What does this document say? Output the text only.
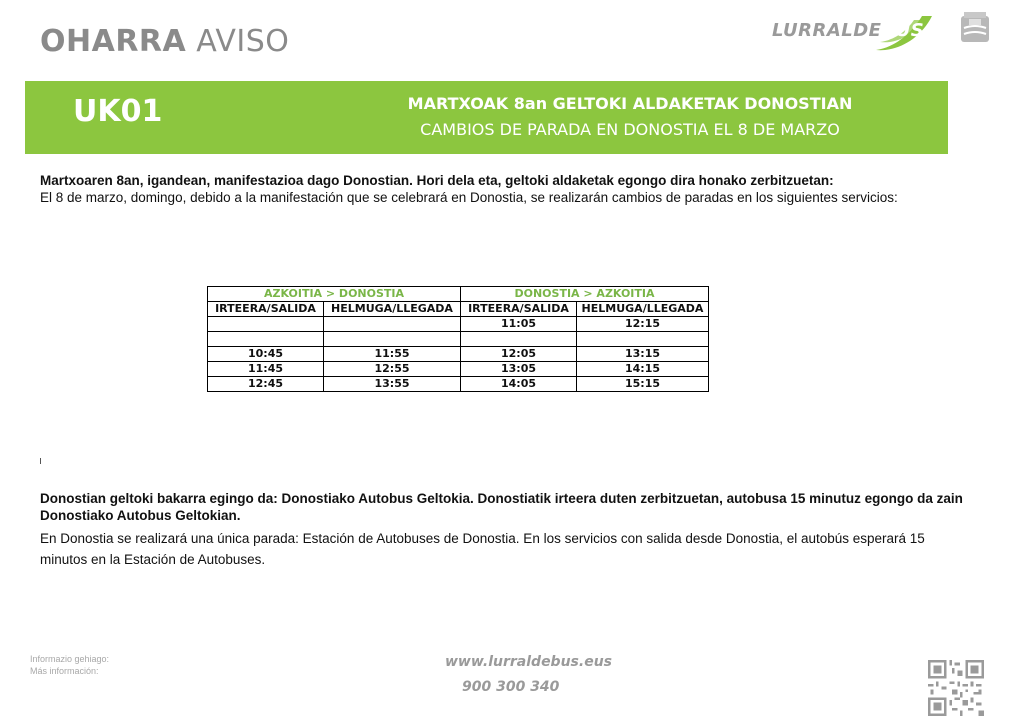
OHARRA AVISO	LURRALDEBUS
UK01	MARTXOAK 8an GELTOKI ALDAKETAK DONOSTIAN
CAMBIOS DE PARADA EN DONOSTIA EL 8 DE MARZO
Martxoaren 8an, igandean, manifestazioa dago Donostian. Hori dela eta, geltoki aldaketak egongo dira honako zerbitzuetan:
El 8 de marzo, domingo, debido a la manifestación que se celebrará en Donostia, se realizarán cambios de paradas en los siguientes servicios:
AZKOITIA > DONOSTIA		DONOSTIA > AZKOITIA	
IRTEERA/SALIDA	HELMUGA/LLEGADA	IRTEERA/SALIDA	HELMUGA/LLEGADA
		11:05	12:15

10:45	11:55	12:05	13:15
11:45	12:55	13:05	14:15
12:45	13:55	14:05	15:15
Donostian geltoki bakarra egingo da: Donostiako Autobus Geltokia. Donostiatik irteera duten zerbitzuetan, autobusa 15 minutuz egongo da zain Donostiako Autobus Geltokian.
En Donostia se realizará una única parada: Estación de Autobuses de Donostia. En los servicios con salida desde Donostia, el autobús esperará 15 minutos en la Estación de Autobuses.
Informazio gehiago:
Más información:
www.lurraldebus.eus
900 300 340
